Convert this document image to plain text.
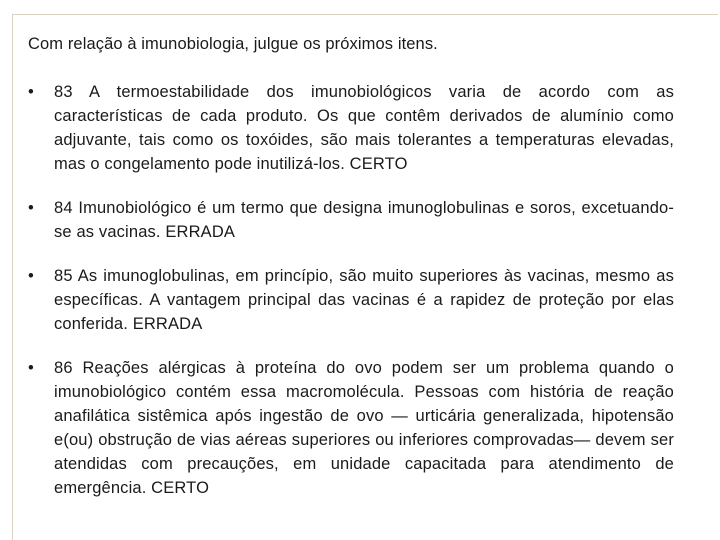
Com relação à imunobiologia, julgue os próximos itens.
• 83 A termoestabilidade dos imunobiológicos varia de acordo com as características de cada produto. Os que contêm derivados de alumínio como adjuvante, tais como os toxóides, são mais tolerantes a temperaturas elevadas, mas o congelamento pode inutilizá-los. CERTO
• 84 Imunobiológico é um termo que designa imunoglobulinas e soros, excetuando-se as vacinas. ERRADA
• 85 As imunoglobulinas, em princípio, são muito superiores às vacinas, mesmo as específicas. A vantagem principal das vacinas é a rapidez de proteção por elas conferida. ERRADA
• 86 Reações alérgicas à proteína do ovo podem ser um problema quando o imunobiológico contém essa macromolécula. Pessoas com história de reação anafilática sistêmica após ingestão de ovo — urticária generalizada, hipotensão e(ou) obstrução de vias aéreas superiores ou inferiores comprovadas— devem ser atendidas com precauções, em unidade capacitada para atendimento de emergência. CERTO
